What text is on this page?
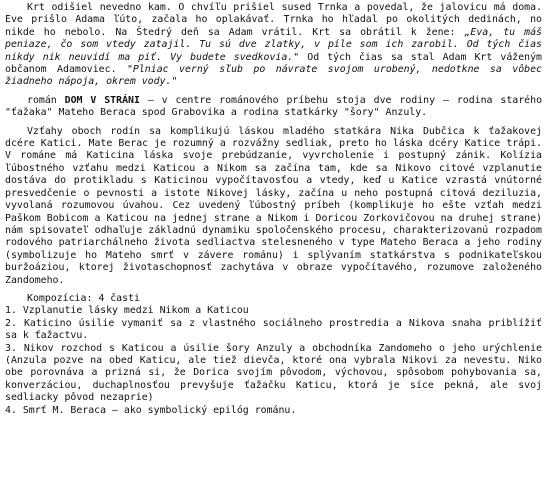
Krt odišiel nevedno kam. O chvíľu prišiel sused Trnka a povedal, že jalovicu má doma. Eve prišlo Adama ľúto, začala ho oplakávať. Trnka ho hľadal po okolitých dedinách, no nikde ho nebolo. Na Štedrý deň sa Adam vrátil. Krt sa obrátil k žene: „Eva, tu máš peniaze, čo som vtedy zatajil. Tu sú dve zlatky, v píle som ich zarobil. Od tých čias nikdy nik neuvidí ma piť. Vy budete svedkovia." Od tých čias sa stal Adam Krt váženým občanom Adamoviec. "Plniac verný sľub po návrate svojom urobený, nedotkne sa vôbec žiadneho nápoja, okrem vody."

román DOM V STRÁNI – v centre románového príbehu stoja dve rodiny – rodina starého "ťažaka" Mateho Beraca spod Grabovika a rodina statkárky "šory" Anzuly.

Vzťahy oboch rodín sa komplikujú láskou mladého statkára Nika Dubčica k ťažakovej dcére Katici. Mate Berac je rozumný a rozvážny sedliak, preto ho láska dcéry Katice trápi. V románe má Katicina láska svoje prebúdzanie, vyvrcholenie i postupný zánik. Kolízia ľúbostného vzťahu medzi Katicou a Nikom sa začína tam, kde sa Nikovo citové vzplanutie dostáva do protikladu s Katicinou vypočítavosťou a vtedy, keď u Katice vzrastá vnútorné presvedčenie o pevnosti a istote Nikovej lásky, začína u neho postupná citová deziluzia, vyvolaná rozumovou úvahou. Cez uvedený ľúbostný príbeh (komplikuje ho ešte vzťah medzi Paškom Bobicom a Katicou na jednej strane a Nikom i Doricou Zorkovičovou na druhej strane) nám spisovateľ odhaľuje základnú dynamiku spoločenského procesu, charakterizovanú rozpadom rodového patriarchálneho života sedliactva stelesneného v type Mateho Beraca a jeho rodiny (symbolizuje ho Mateho smrť v závere románu) i splývaním statkárstva s podnikateľskou buržoáziou, ktorej životaschopnosť zachytáva v obraze vypočítavého, rozumove založeného Zandomeho.

Kompozícia: 4 časti

1. Vzplanutie lásky medzi Nikom a Katicou
2. Katicino úsilie vymaniť sa z vlastného sociálneho prostredia a Nikova snaha priblížiť sa k ťažactvu.
3. Nikov rozchod s Katicou a úsilie šory Anzuly a obchodníka Zandomeho o jeho urýchlenie (Anzula pozve na obed Katicu, ale tiež dievča, ktoré ona vybrala Nikovi za nevestu. Niko obe porovnáva a prizná si, že Dorica svojím pôvodom, výchovou, spôsobom pohybovania sa, konverzáciou, duchaplnosťou prevyšuje ťažačku Katicu, ktorá je síce pekná, ale svoj sedliacky pôvod nezaprie)
4. Smrť M. Beraca – ako symbolický epilóg románu.
